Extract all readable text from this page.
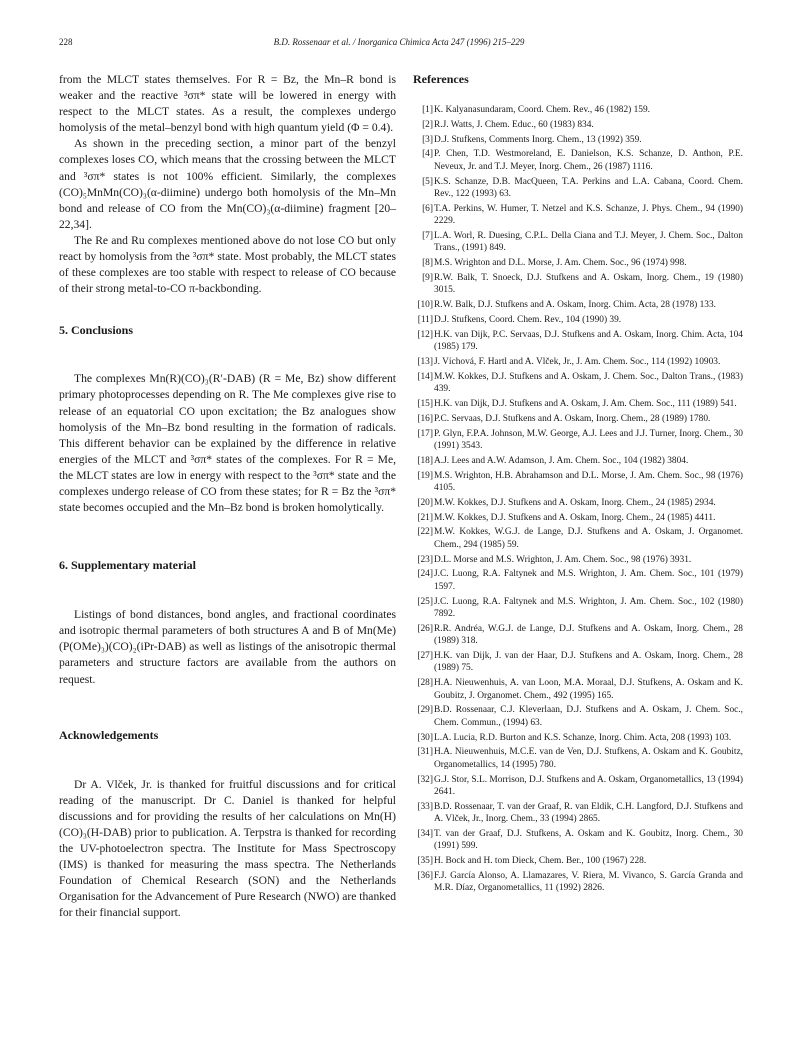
228	B.D. Rossenaar et al. / Inorganica Chimica Acta 247 (1996) 215–229

from the MLCT states themselves. For R = Bz, the Mn–R bond is weaker and the reactive ³σπ* state will be lowered in energy with respect to the MLCT states. As a result, the complexes undergo homolysis of the metal–benzyl bond with high quantum yield (Φ = 0.4).

As shown in the preceding section, a minor part of the benzyl complexes loses CO, which means that the crossing between the MLCT and ³σπ* states is not 100% efficient. Similarly, the complexes (CO)₅MnMn(CO)₃(α-diimine) undergo both homolysis of the Mn–Mn bond and release of CO from the Mn(CO)₃(α-diimine) fragment [20–22,34].

The Re and Ru complexes mentioned above do not lose CO but only react by homolysis from the ³σπ* state. Most probably, the MLCT states of these complexes are too stable with respect to release of CO because of their strong metal-to-CO π-backbonding.

5. Conclusions

The complexes Mn(R)(CO)₃(R′-DAB) (R = Me, Bz) show different primary photoprocesses depending on R. The Me complexes give rise to release of an equatorial CO upon excitation; the Bz analogues show homolysis of the Mn–Bz bond resulting in the formation of radicals. This different behavior can be explained by the difference in relative energies of the MLCT and ³σπ* states of the complexes. For R = Me, the MLCT states are low in energy with respect to the ³σπ* state and the complexes undergo release of CO from these states; for R = Bz the ³σπ* state becomes occupied and the Mn–Bz bond is broken homolytically.

6. Supplementary material

Listings of bond distances, bond angles, and fractional coordinates and isotropic thermal parameters of both structures A and B of Mn(Me)(P(OMe)₃)(CO)₂(iPr-DAB) as well as listings of the anisotropic thermal parameters and structure factors are available from the authors on request.

Acknowledgements

Dr A. Vlček, Jr. is thanked for fruitful discussions and for critical reading of the manuscript. Dr C. Daniel is thanked for helpful discussions and for providing the results of her calculations on Mn(H)(CO)₃(H-DAB) prior to publication. A. Terpstra is thanked for recording the UV-photoelectron spectra. The Institute for Mass Spectroscopy (IMS) is thanked for measuring the mass spectra. The Netherlands Foundation of Chemical Research (SON) and the Netherlands Organisation for the Advancement of Pure Research (NWO) are thanked for their financial support.

References
[1] K. Kalyanasundaram, Coord. Chem. Rev., 46 (1982) 159.
[2] R.J. Watts, J. Chem. Educ., 60 (1983) 834.
[3] D.J. Stufkens, Comments Inorg. Chem., 13 (1992) 359.
[4] P. Chen, T.D. Westmoreland, E. Danielson, K.S. Schanze, D. Anthon, P.E. Neveux, Jr. and T.J. Meyer, Inorg. Chem., 26 (1987) 1116.
[5] K.S. Schanze, D.B. MacQueen, T.A. Perkins and L.A. Cabana, Coord. Chem. Rev., 122 (1993) 63.
[6] T.A. Perkins, W. Humer, T. Netzel and K.S. Schanze, J. Phys. Chem., 94 (1990) 2229.
[7] L.A. Worl, R. Duesing, C.P.L. Della Ciana and T.J. Meyer, J. Chem. Soc., Dalton Trans., (1991) 849.
[8] M.S. Wrighton and D.L. Morse, J. Am. Chem. Soc., 96 (1974) 998.
[9] R.W. Balk, T. Snoeck, D.J. Stufkens and A. Oskam, Inorg. Chem., 19 (1980) 3015.
[10] R.W. Balk, D.J. Stufkens and A. Oskam, Inorg. Chim. Acta, 28 (1978) 133.
[11] D.J. Stufkens, Coord. Chem. Rev., 104 (1990) 39.
[12] H.K. van Dijk, P.C. Servaas, D.J. Stufkens and A. Oskam, Inorg. Chim. Acta, 104 (1985) 179.
[13] J. Víchová, F. Hartl and A. Vlček, Jr., J. Am. Chem. Soc., 114 (1992) 10903.
[14] M.W. Kokkes, D.J. Stufkens and A. Oskam, J. Chem. Soc., Dalton Trans., (1983) 439.
[15] H.K. van Dijk, D.J. Stufkens and A. Oskam, J. Am. Chem. Soc., 111 (1989) 541.
[16] P.C. Servaas, D.J. Stufkens and A. Oskam, Inorg. Chem., 28 (1989) 1780.
[17] P. Glyn, F.P.A. Johnson, M.W. George, A.J. Lees and J.J. Turner, Inorg. Chem., 30 (1991) 3543.
[18] A.J. Lees and A.W. Adamson, J. Am. Chem. Soc., 104 (1982) 3804.
[19] M.S. Wrighton, H.B. Abrahamson and D.L. Morse, J. Am. Chem. Soc., 98 (1976) 4105.
[20] M.W. Kokkes, D.J. Stufkens and A. Oskam, Inorg. Chem., 24 (1985) 2934.
[21] M.W. Kokkes, D.J. Stufkens and A. Oskam, Inorg. Chem., 24 (1985) 4411.
[22] M.W. Kokkes, W.G.J. de Lange, D.J. Stufkens and A. Oskam, J. Organomet. Chem., 294 (1985) 59.
[23] D.L. Morse and M.S. Wrighton, J. Am. Chem. Soc., 98 (1976) 3931.
[24] J.C. Luong, R.A. Faltynek and M.S. Wrighton, J. Am. Chem. Soc., 101 (1979) 1597.
[25] J.C. Luong, R.A. Faltynek and M.S. Wrighton, J. Am. Chem. Soc., 102 (1980) 7892.
[26] R.R. Andréa, W.G.J. de Lange, D.J. Stufkens and A. Oskam, Inorg. Chem., 28 (1989) 318.
[27] H.K. van Dijk, J. van der Haar, D.J. Stufkens and A. Oskam, Inorg. Chem., 28 (1989) 75.
[28] H.A. Nieuwenhuis, A. van Loon, M.A. Moraal, D.J. Stufkens, A. Oskam and K. Goubitz, J. Organomet. Chem., 492 (1995) 165.
[29] B.D. Rossenaar, C.J. Kleverlaan, D.J. Stufkens and A. Oskam, J. Chem. Soc., Chem. Commun., (1994) 63.
[30] L.A. Lucia, R.D. Burton and K.S. Schanze, Inorg. Chim. Acta, 208 (1993) 103.
[31] H.A. Nieuwenhuis, M.C.E. van de Ven, D.J. Stufkens, A. Oskam and K. Goubitz, Organometallics, 14 (1995) 780.
[32] G.J. Stor, S.L. Morrison, D.J. Stufkens and A. Oskam, Organometallics, 13 (1994) 2641.
[33] B.D. Rossenaar, T. van der Graaf, R. van Eldik, C.H. Langford, D.J. Stufkens and A. Vlček, Jr., Inorg. Chem., 33 (1994) 2865.
[34] T. van der Graaf, D.J. Stufkens, A. Oskam and K. Goubitz, Inorg. Chem., 30 (1991) 599.
[35] H. Bock and H. tom Dieck, Chem. Ber., 100 (1967) 228.
[36] F.J. García Alonso, A. Llamazares, V. Riera, M. Vivanco, S. García Granda and M.R. Díaz, Organometallics, 11 (1992) 2826.
